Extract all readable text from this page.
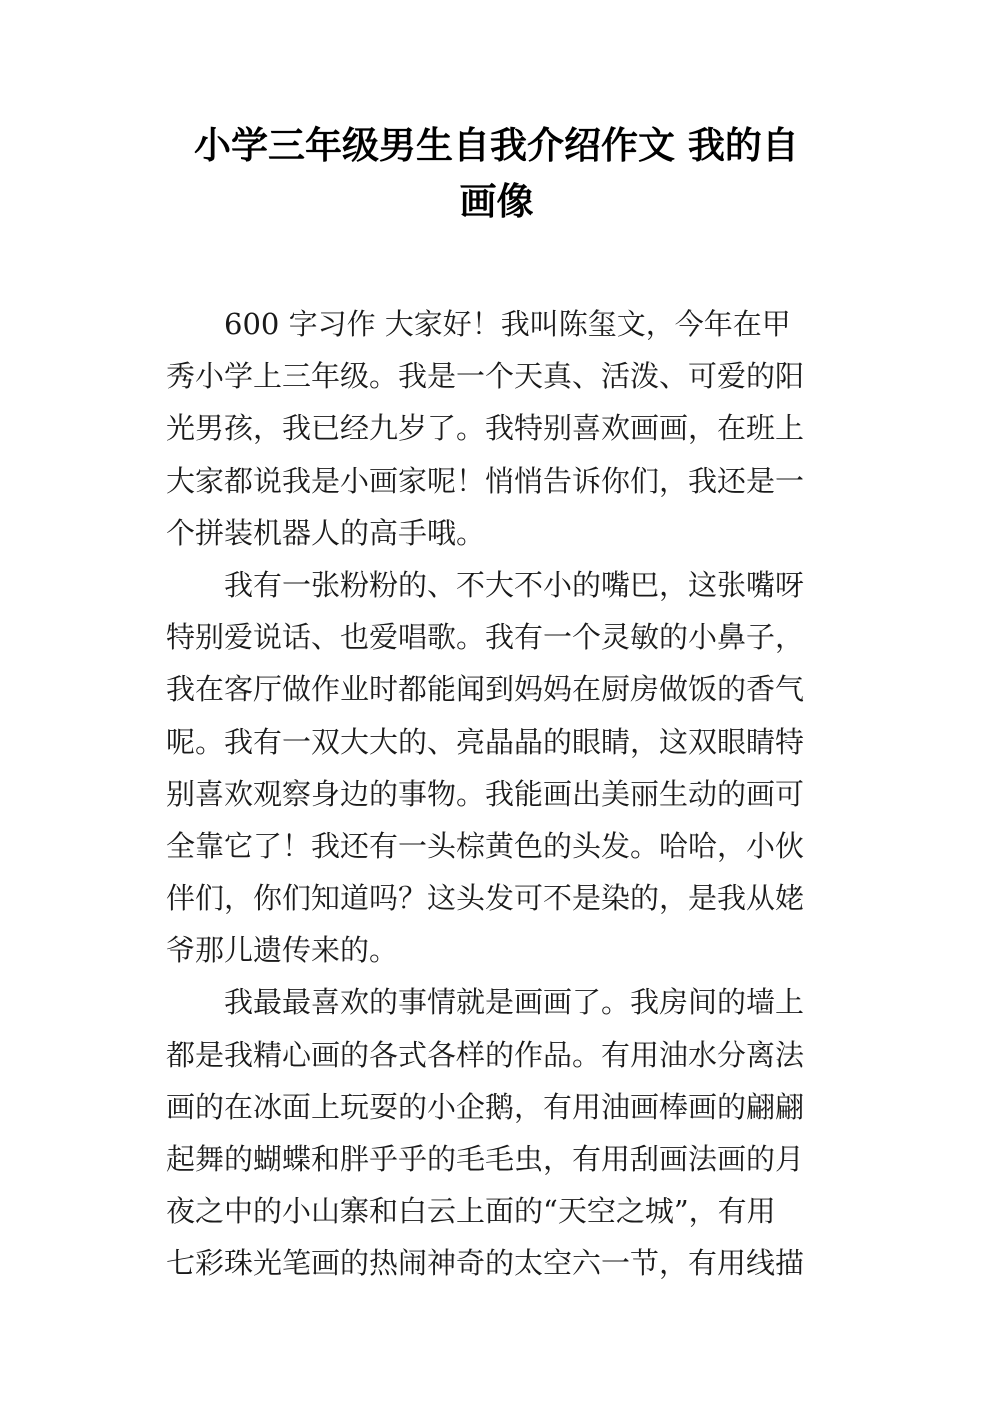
小学三年级男生自我介绍作文 我的自
画像
600 字习作 大家好！我叫陈玺文，今年在甲
秀小学上三年级。我是一个天真、活泼、可爱的阳
光男孩，我已经九岁了。我特别喜欢画画，在班上
大家都说我是小画家呢！悄悄告诉你们，我还是一
个拼装机器人的高手哦。
我有一张粉粉的、不大不小的嘴巴，这张嘴呀
特别爱说话、也爱唱歌。我有一个灵敏的小鼻子，
我在客厅做作业时都能闻到妈妈在厨房做饭的香气
呢。我有一双大大的、亮晶晶的眼睛，这双眼睛特
别喜欢观察身边的事物。我能画出美丽生动的画可
全靠它了！我还有一头棕黄色的头发。哈哈，小伙
伴们，你们知道吗？这头发可不是染的，是我从姥
爷那儿遗传来的。
我最最喜欢的事情就是画画了。我房间的墙上
都是我精心画的各式各样的作品。有用油水分离法
画的在冰面上玩耍的小企鹅，有用油画棒画的翩翩
起舞的蝴蝶和胖乎乎的毛毛虫，有用刮画法画的月
夜之中的小山寨和白云上面的“天空之城”，有用
七彩珠光笔画的热闹神奇的太空六一节，有用线描
